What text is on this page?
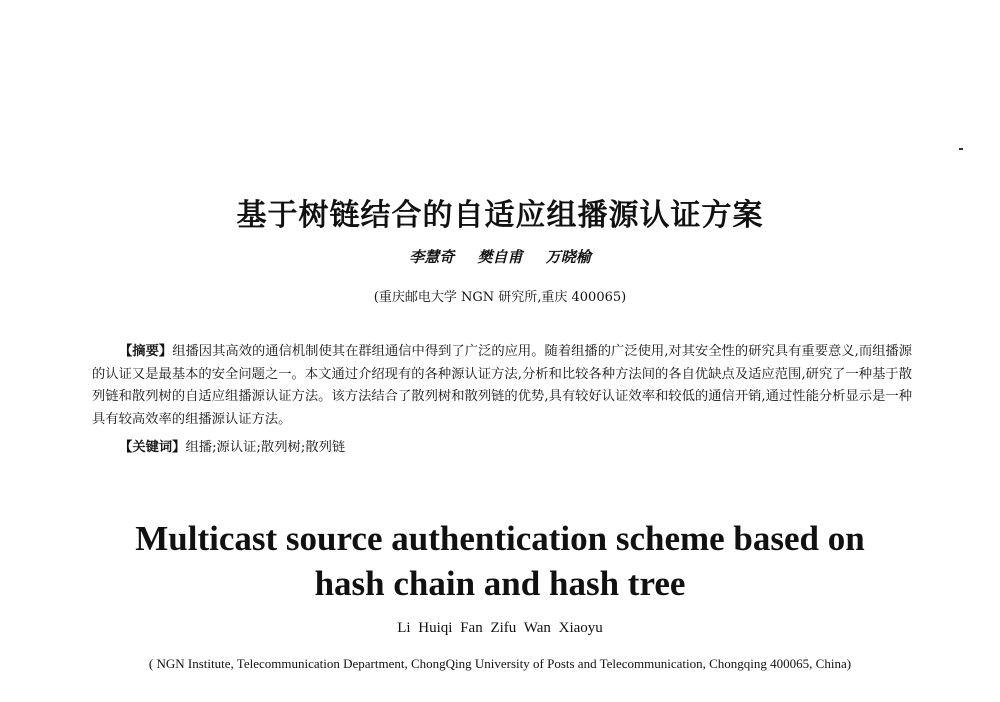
基于树链结合的自适应组播源认证方案
李慧奇 樊自甫 万晓榆
(重庆邮电大学 NGN 研究所,重庆 400065)
【摘要】组播因其高效的通信机制使其在群组通信中得到了广泛的应用。随着组播的广泛使用,对其安全性的研究具有重要意义,而组播源的认证又是最基本的安全问题之一。本文通过介绍现有的各种源认证方法,分析和比较各种方法间的各自优缺点及适应范围,研究了一种基于散列链和散列树的自适应组播源认证方法。该方法结合了散列树和散列链的优势,具有较好认证效率和较低的通信开销,通过性能分析显示是一种具有较高效率的组播源认证方法。
【关键词】组播;源认证;散列树;散列链
Multicast source authentication scheme based on
hash chain and hash tree
Li Huiqi Fan Zifu Wan Xiaoyu
( NGN Institute, Telecommunication Department, ChongQing University of Posts and Telecommunication, Chongqing 400065, China)
